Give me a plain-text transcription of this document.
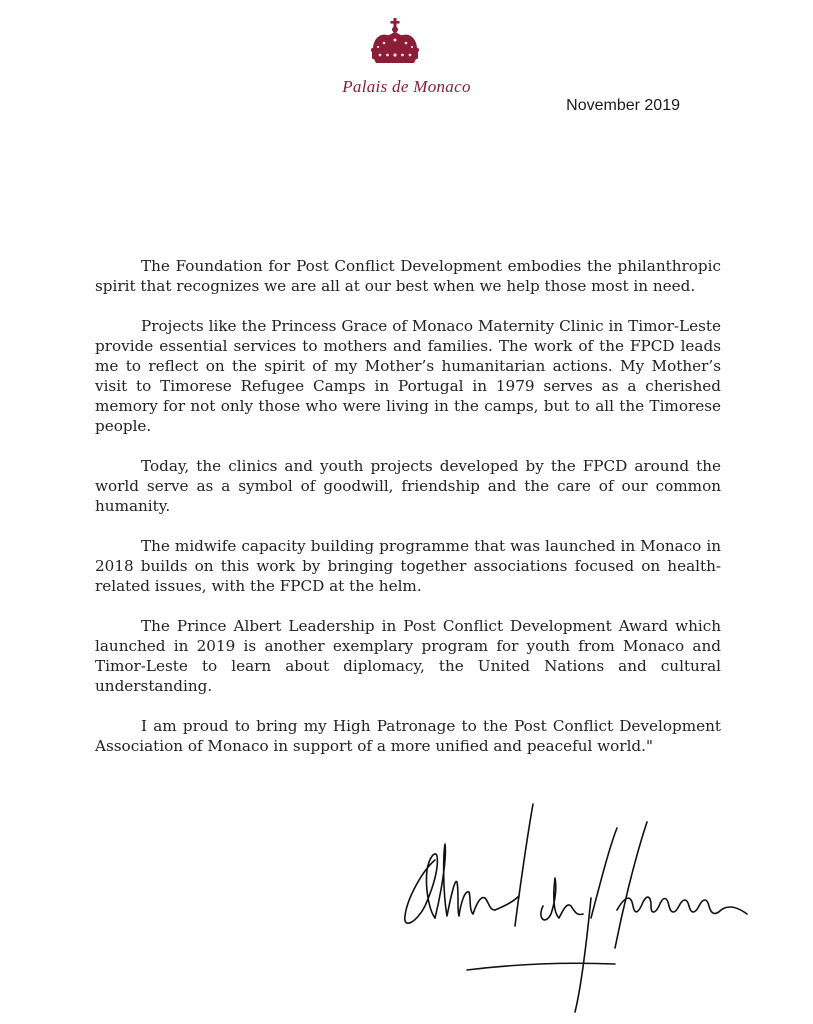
Palais de Monaco
November 2019

The Foundation for Post Conflict Development embodies the philanthropic spirit that recognizes we are all at our best when we help those most in need.

Projects like the Princess Grace of Monaco Maternity Clinic in Timor-Leste provide essential services to mothers and families. The work of the FPCD leads me to reflect on the spirit of my Mother’s humanitarian actions. My Mother’s visit to Timorese Refugee Camps in Portugal in 1979 serves as a cherished memory for not only those who were living in the camps, but to all the Timorese people.

Today, the clinics and youth projects developed by the FPCD around the world serve as a symbol of goodwill, friendship and the care of our common humanity.

The midwife capacity building programme that was launched in Monaco in 2018 builds on this work by bringing together associations focused on health-related issues, with the FPCD at the helm.

The Prince Albert Leadership in Post Conflict Development Award which launched in 2019 is another exemplary program for youth from Monaco and Timor-Leste to learn about diplomacy, the United Nations and cultural understanding.

I am proud to bring my High Patronage to the Post Conflict Development Association of Monaco in support of a more unified and peaceful world."
